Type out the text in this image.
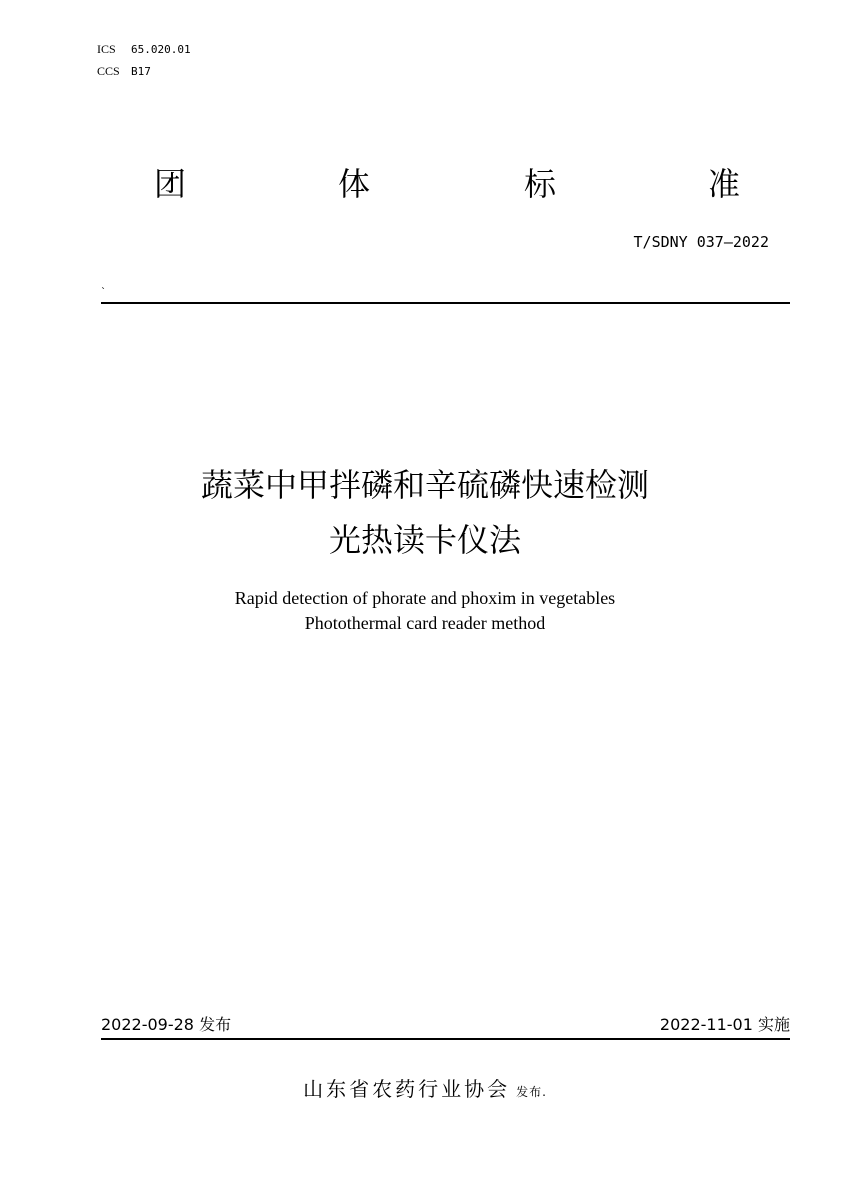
ICS 65.020.01
CCS B17
团	体	标	准
T/SDNY 037—2022
`
蔬菜中甲拌磷和辛硫磷快速检测
光热读卡仪法
Rapid detection of phorate and phoxim in vegetables
Photothermal card reader method
2022-09-28 发布	2022-11-01 实施
山东省农药行业协会 发布.
